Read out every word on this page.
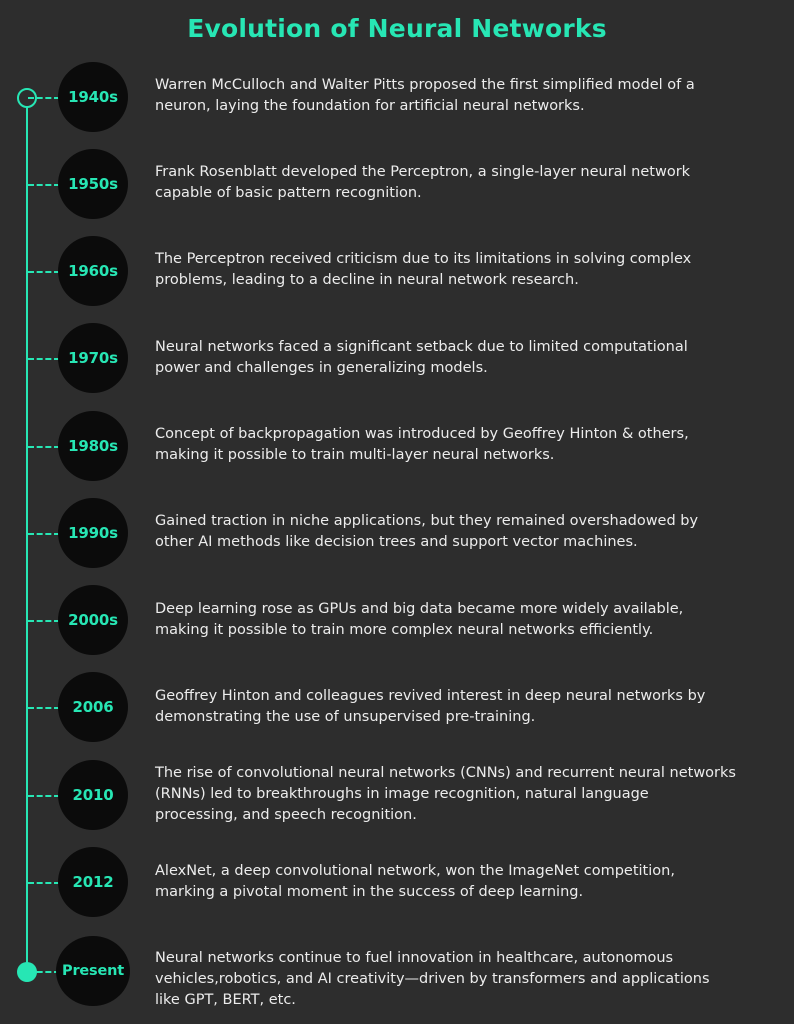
Evolution of Neural Networks
1940s
1950s
1960s
1970s
1980s
1990s
2000s
2006
2010
2012
Present
Warren McCulloch and Walter Pitts proposed the first simplified model of a
neuron, laying the foundation for artificial neural networks.
Frank Rosenblatt developed the Perceptron, a single-layer neural network
capable of basic pattern recognition.
The Perceptron received criticism due to its limitations in solving complex
problems, leading to a decline in neural network research.
Neural networks faced a significant setback due to limited computational
power and challenges in generalizing models.
Concept of backpropagation was introduced by Geoffrey Hinton & others,
making it possible to train multi-layer neural networks.
Gained traction in niche applications, but they remained overshadowed by
other AI methods like decision trees and support vector machines.
Deep learning rose as GPUs and big data became more widely available,
making it possible to train more complex neural networks efficiently.
Geoffrey Hinton and colleagues revived interest in deep neural networks by
demonstrating the use of unsupervised pre-training.
The rise of convolutional neural networks (CNNs) and recurrent neural networks
(RNNs) led to breakthroughs in image recognition, natural language
processing, and speech recognition.
AlexNet, a deep convolutional network, won the ImageNet competition,
marking a pivotal moment in the success of deep learning.
Neural networks continue to fuel innovation in healthcare, autonomous
vehicles,robotics, and AI creativity—driven by transformers and applications
like GPT, BERT, etc.
